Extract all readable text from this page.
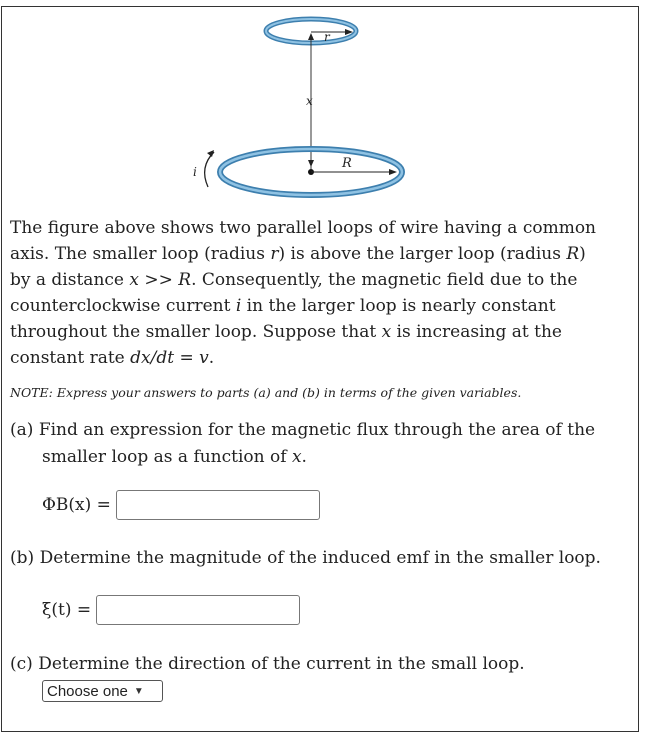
r
x
R
i
The figure above shows two parallel loops of wire having a common
axis. The smaller loop (radius r) is above the larger loop (radius R)
by a distance x >> R. Consequently, the magnetic field due to the
counterclockwise current i in the larger loop is nearly constant
throughout the smaller loop. Suppose that x is increasing at the
constant rate dx/dt = v.
NOTE: Express your answers to parts (a) and (b) in terms of the given variables.
(a) Find an expression for the magnetic flux through the area of the
smaller loop as a function of x.
ΦB(x) =
(b) Determine the magnitude of the induced emf in the smaller loop.
ξ(t) =
(c) Determine the direction of the current in the small loop.
Choose one ▼
